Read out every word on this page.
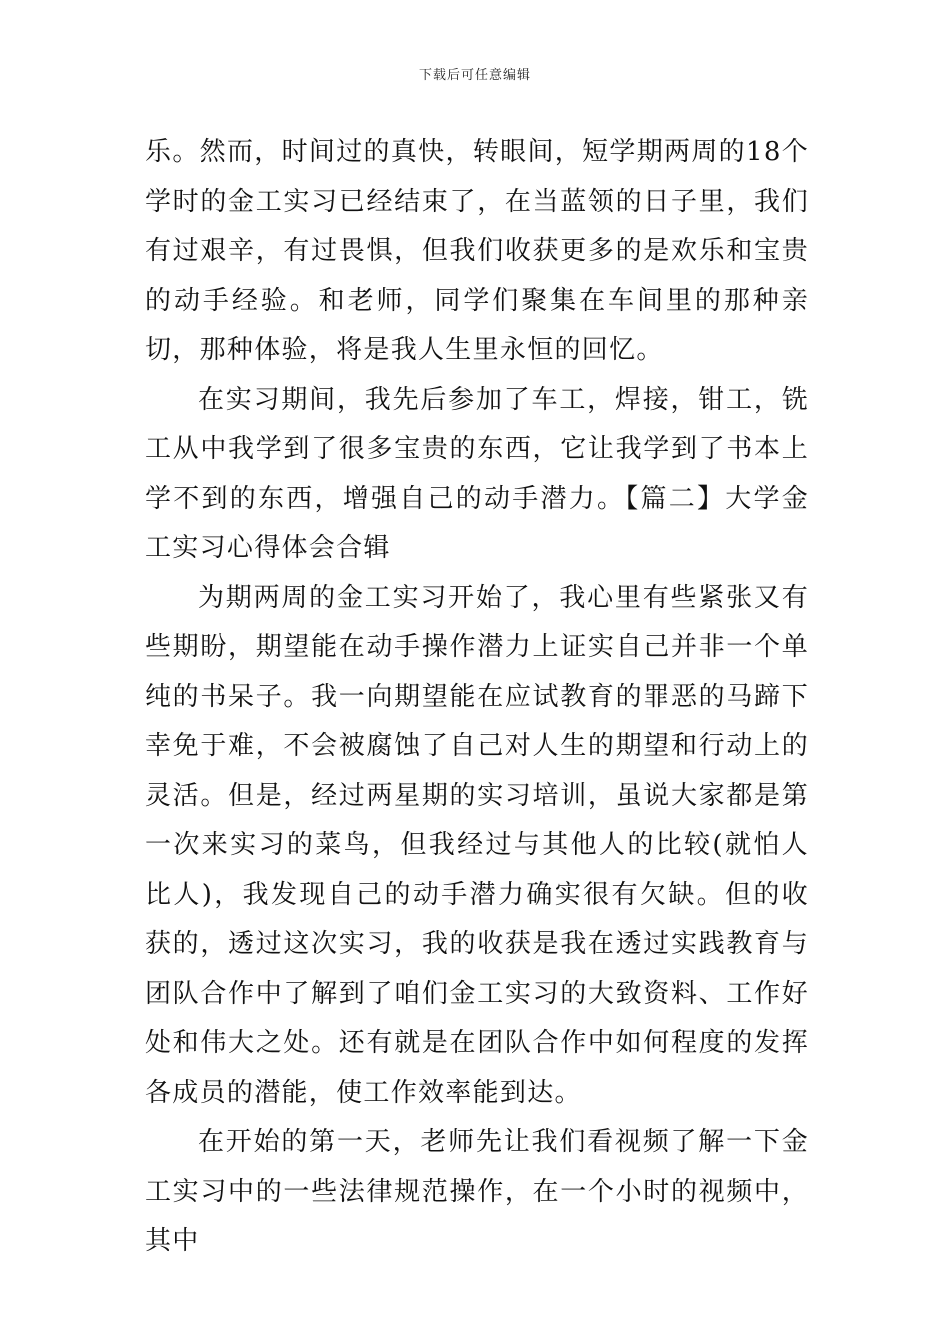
下载后可任意编辑

乐。然而，时间过的真快，转眼间，短学期两周的18个学时的金工实习已经结束了，在当蓝领的日子里，我们有过艰辛，有过畏惧，但我们收获更多的是欢乐和宝贵的动手经验。和老师，同学们聚集在车间里的那种亲切，那种体验，将是我人生里永恒的回忆。

在实习期间，我先后参加了车工，焊接，钳工，铣工从中我学到了很多宝贵的东西，它让我学到了书本上学不到的东西，增强自己的动手潜力。【篇二】大学金工实习心得体会合辑

为期两周的金工实习开始了，我心里有些紧张又有些期盼，期望能在动手操作潜力上证实自己并非一个单纯的书呆子。我一向期望能在应试教育的罪恶的马蹄下幸免于难，不会被腐蚀了自己对人生的期望和行动上的灵活。但是，经过两星期的实习培训，虽说大家都是第一次来实习的菜鸟，但我经过与其他人的比较(就怕人比人)，我发现自己的动手潜力确实很有欠缺。但的收获的，透过这次实习，我的收获是我在透过实践教育与团队合作中了解到了咱们金工实习的大致资料、工作好处和伟大之处。还有就是在团队合作中如何程度的发挥各成员的潜能，使工作效率能到达。

在开始的第一天，老师先让我们看视频了解一下金工实习中的一些法律规范操作，在一个小时的视频中，其中
